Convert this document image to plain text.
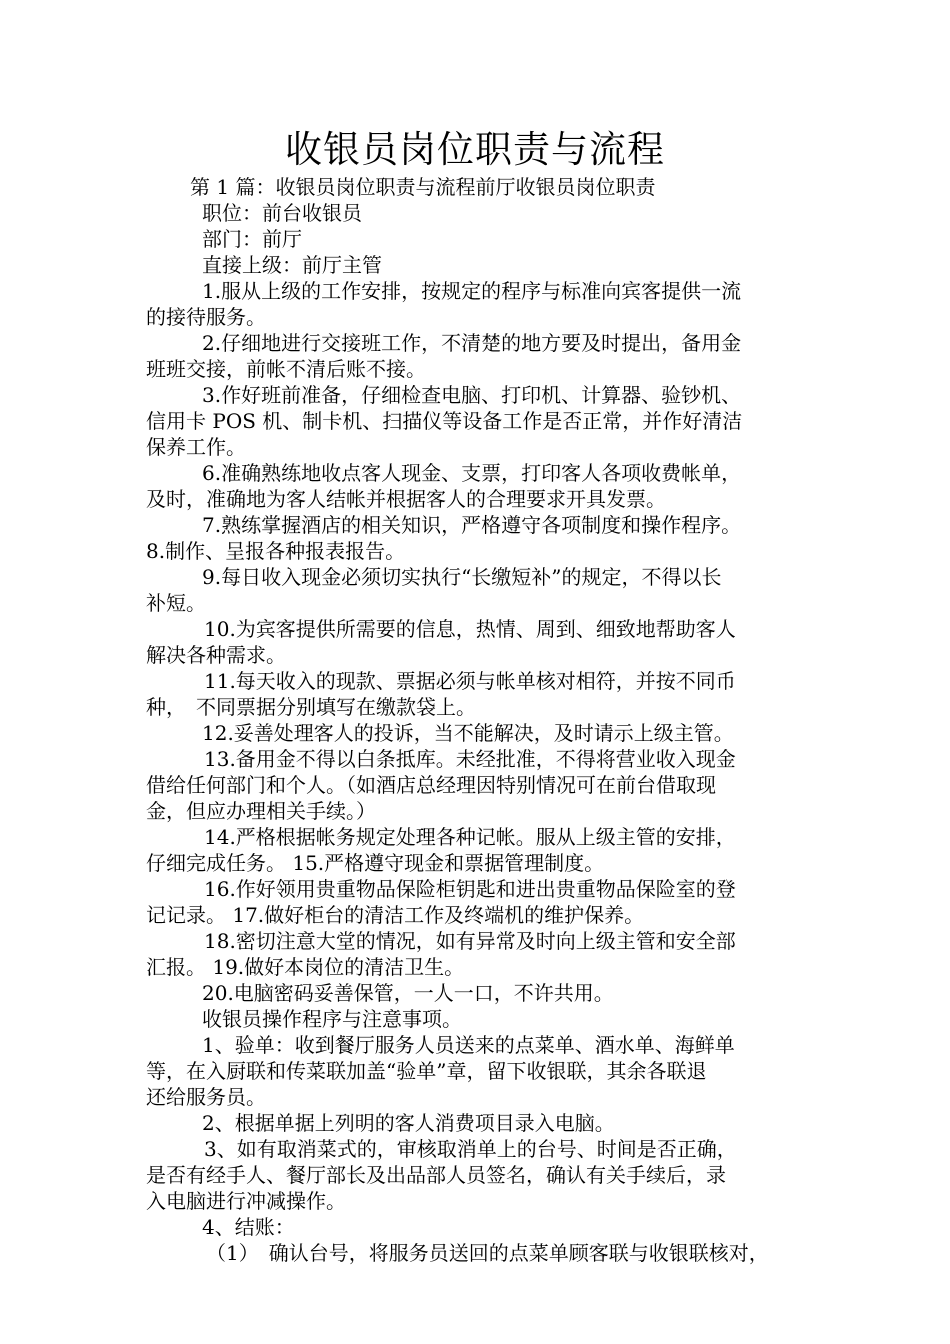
收银员岗位职责与流程

第 1 篇：收银员岗位职责与流程前厅收银员岗位职责

职位：前台收银员

部门：前厅

直接上级：前厅主管

1.服从上级的工作安排，按规定的程序与标准向宾客提供一流

的接待服务。

2.仔细地进行交接班工作，不清楚的地方要及时提出，备用金

班班交接，前帐不清后账不接。

3.作好班前准备，仔细检查电脑、打印机、计算器、验钞机、

信用卡 POS 机、制卡机、扫描仪等设备工作是否正常，并作好清洁

保养工作。

6.准确熟练地收点客人现金、支票，打印客人各项收费帐单，

及时，准确地为客人结帐并根据客人的合理要求开具发票。

7.熟练掌握酒店的相关知识，严格遵守各项制度和操作程序。

8.制作、呈报各种报表报告。

9.每日收入现金必须切实执行“长缴短补”的规定，不得以长

补短。

10.为宾客提供所需要的信息，热情、周到、细致地帮助客人

解决各种需求。

11.每天收入的现款、票据必须与帐单核对相符，并按不同币

种，　不同票据分别填写在缴款袋上。

12.妥善处理客人的投诉，当不能解决，及时请示上级主管。

13.备用金不得以白条抵库。未经批准，不得将营业收入现金

借给任何部门和个人。（如酒店总经理因特别情况可在前台借取现

金，但应办理相关手续。）

14.严格根据帐务规定处理各种记帐。服从上级主管的安排，

仔细完成任务。 15.严格遵守现金和票据管理制度。

16.作好领用贵重物品保险柜钥匙和进出贵重物品保险室的登

记记录。 17.做好柜台的清洁工作及终端机的维护保养。

18.密切注意大堂的情况，如有异常及时向上级主管和安全部

汇报。 19.做好本岗位的清洁卫生。

20.电脑密码妥善保管，一人一口，不许共用。

收银员操作程序与注意事项。

1、验单：收到餐厅服务人员送来的点菜单、酒水单、海鲜单

等，在入厨联和传菜联加盖“验单”章，留下收银联，其余各联退

还给服务员。

2、根据单据上列明的客人消费项目录入电脑。

3、如有取消菜式的，审核取消单上的台号、时间是否正确，

是否有经手人、餐厅部长及出品部人员签名，确认有关手续后，录

入电脑进行冲减操作。

4、结账：

（1）　确认台号，将服务员送回的点菜单顾客联与收银联核对，
